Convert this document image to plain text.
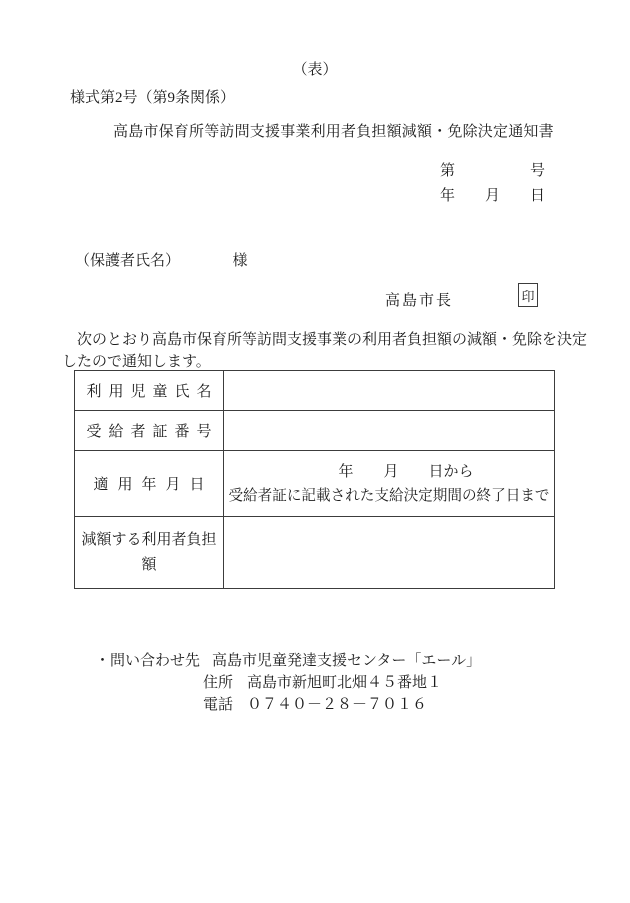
（表）
様式第2号（第9条関係）
高島市保育所等訪問支援事業利用者負担額減額・免除決定通知書
第　　　　　号
年　　月　　日
（保護者氏名）　　　　様
高島市長	印
次のとおり高島市保育所等訪問支援事業の利用者負担額の減額・免除を決定
したので通知します。
利用児童氏名	
受給者証番号	
適用年月日	年　　月　　日から
受給者証に記載された支給決定期間の終了日まで

減額する利用者負担額	

・問い合わせ先 高島市児童発達支援センター「エール」

住所 高島市新旭町北畑４５番地１

電話 ０７４０－２８－７０１６
